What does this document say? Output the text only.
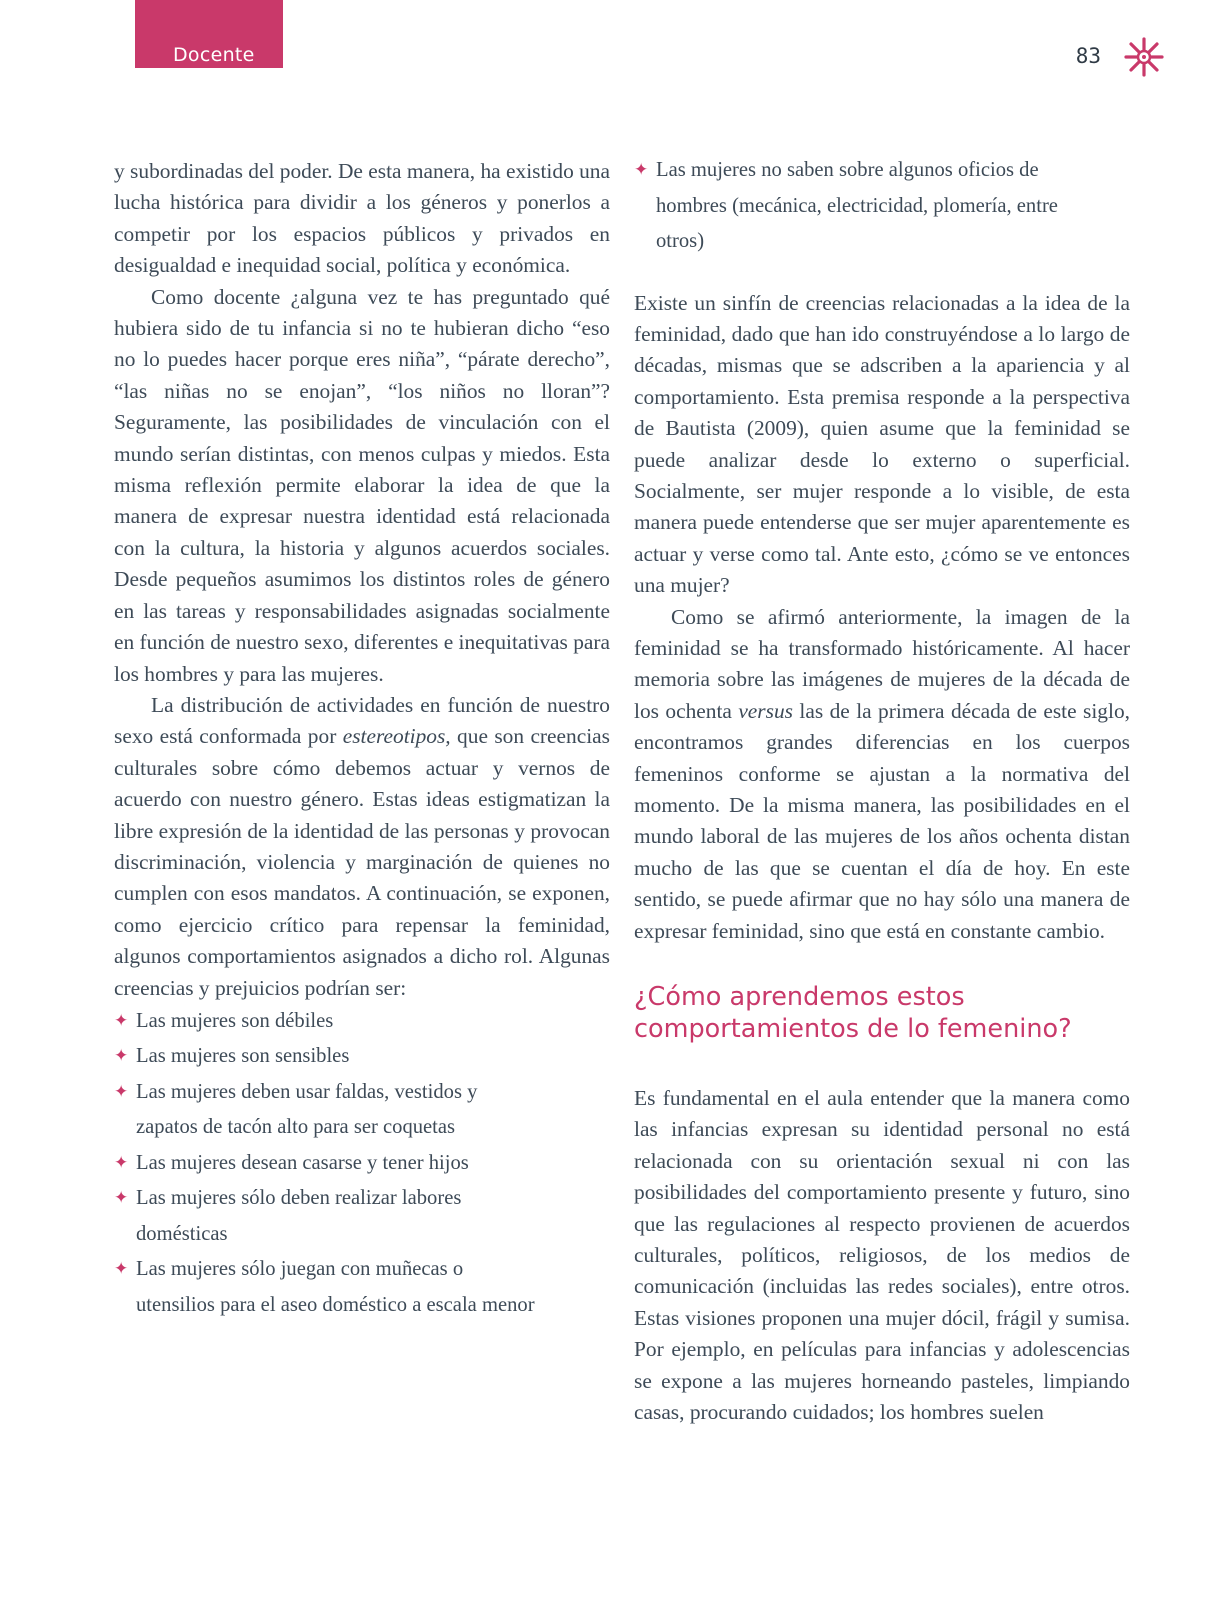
Docente	83

y subordinadas del poder. De esta manera, ha existido una lucha histórica para dividir a los géneros y ponerlos a competir por los espacios públicos y privados en desigualdad e inequidad social, política y económica.

Como docente ¿alguna vez te has preguntado qué hubiera sido de tu infancia si no te hubieran dicho “eso no lo puedes hacer porque eres niña”, “párate derecho”, “las niñas no se enojan”, “los niños no lloran”? Seguramente, las posibilidades de vinculación con el mundo serían distintas, con menos culpas y miedos. Esta misma reflexión permite elaborar la idea de que la manera de expresar nuestra identidad está relacionada con la cultura, la historia y algunos acuerdos sociales. Desde pequeños asumimos los distintos roles de género en las tareas y responsabilidades asignadas socialmente en función de nuestro sexo, diferentes e inequitativas para los hombres y para las mujeres.

La distribución de actividades en función de nuestro sexo está conformada por estereotipos, que son creencias culturales sobre cómo debemos actuar y vernos de acuerdo con nuestro género. Estas ideas estigmatizan la libre expresión de la identidad de las personas y provocan discriminación, violencia y marginación de quienes no cumplen con esos mandatos. A continuación, se exponen, como ejercicio crítico para repensar la feminidad, algunos comportamientos asignados a dicho rol. Algunas creencias y prejuicios podrían ser:

✦ Las mujeres son débiles
✦ Las mujeres son sensibles
✦ Las mujeres deben usar faldas, vestidos y zapatos de tacón alto para ser coquetas
✦ Las mujeres desean casarse y tener hijos
✦ Las mujeres sólo deben realizar labores domésticas
✦ Las mujeres sólo juegan con muñecas o utensilios para el aseo doméstico a escala menor
✦ Las mujeres no saben sobre algunos oficios de hombres (mecánica, electricidad, plomería, entre otros)

Existe un sinfín de creencias relacionadas a la idea de la feminidad, dado que han ido construyéndose a lo largo de décadas, mismas que se adscriben a la apariencia y al comportamiento. Esta premisa responde a la perspectiva de Bautista (2009), quien asume que la feminidad se puede analizar desde lo externo o superficial. Socialmente, ser mujer responde a lo visible, de esta manera puede entenderse que ser mujer aparentemente es actuar y verse como tal. Ante esto, ¿cómo se ve entonces una mujer?

Como se afirmó anteriormente, la imagen de la feminidad se ha transformado históricamente. Al hacer memoria sobre las imágenes de mujeres de la década de los ochenta versus las de la primera década de este siglo, encontramos grandes diferencias en los cuerpos femeninos conforme se ajustan a la normativa del momento. De la misma manera, las posibilidades en el mundo laboral de las mujeres de los años ochenta distan mucho de las que se cuentan el día de hoy. En este sentido, se puede afirmar que no hay sólo una manera de expresar feminidad, sino que está en constante cambio.

¿Cómo aprendemos estos comportamientos de lo femenino?

Es fundamental en el aula entender que la manera como las infancias expresan su identidad personal no está relacionada con su orientación sexual ni con las posibilidades del comportamiento presente y futuro, sino que las regulaciones al respecto provienen de acuerdos culturales, políticos, religiosos, de los medios de comunicación (incluidas las redes sociales), entre otros. Estas visiones proponen una mujer dócil, frágil y sumisa. Por ejemplo, en películas para infancias y adolescencias se expone a las mujeres horneando pasteles, limpiando casas, procurando cuidados; los hombres suelen
